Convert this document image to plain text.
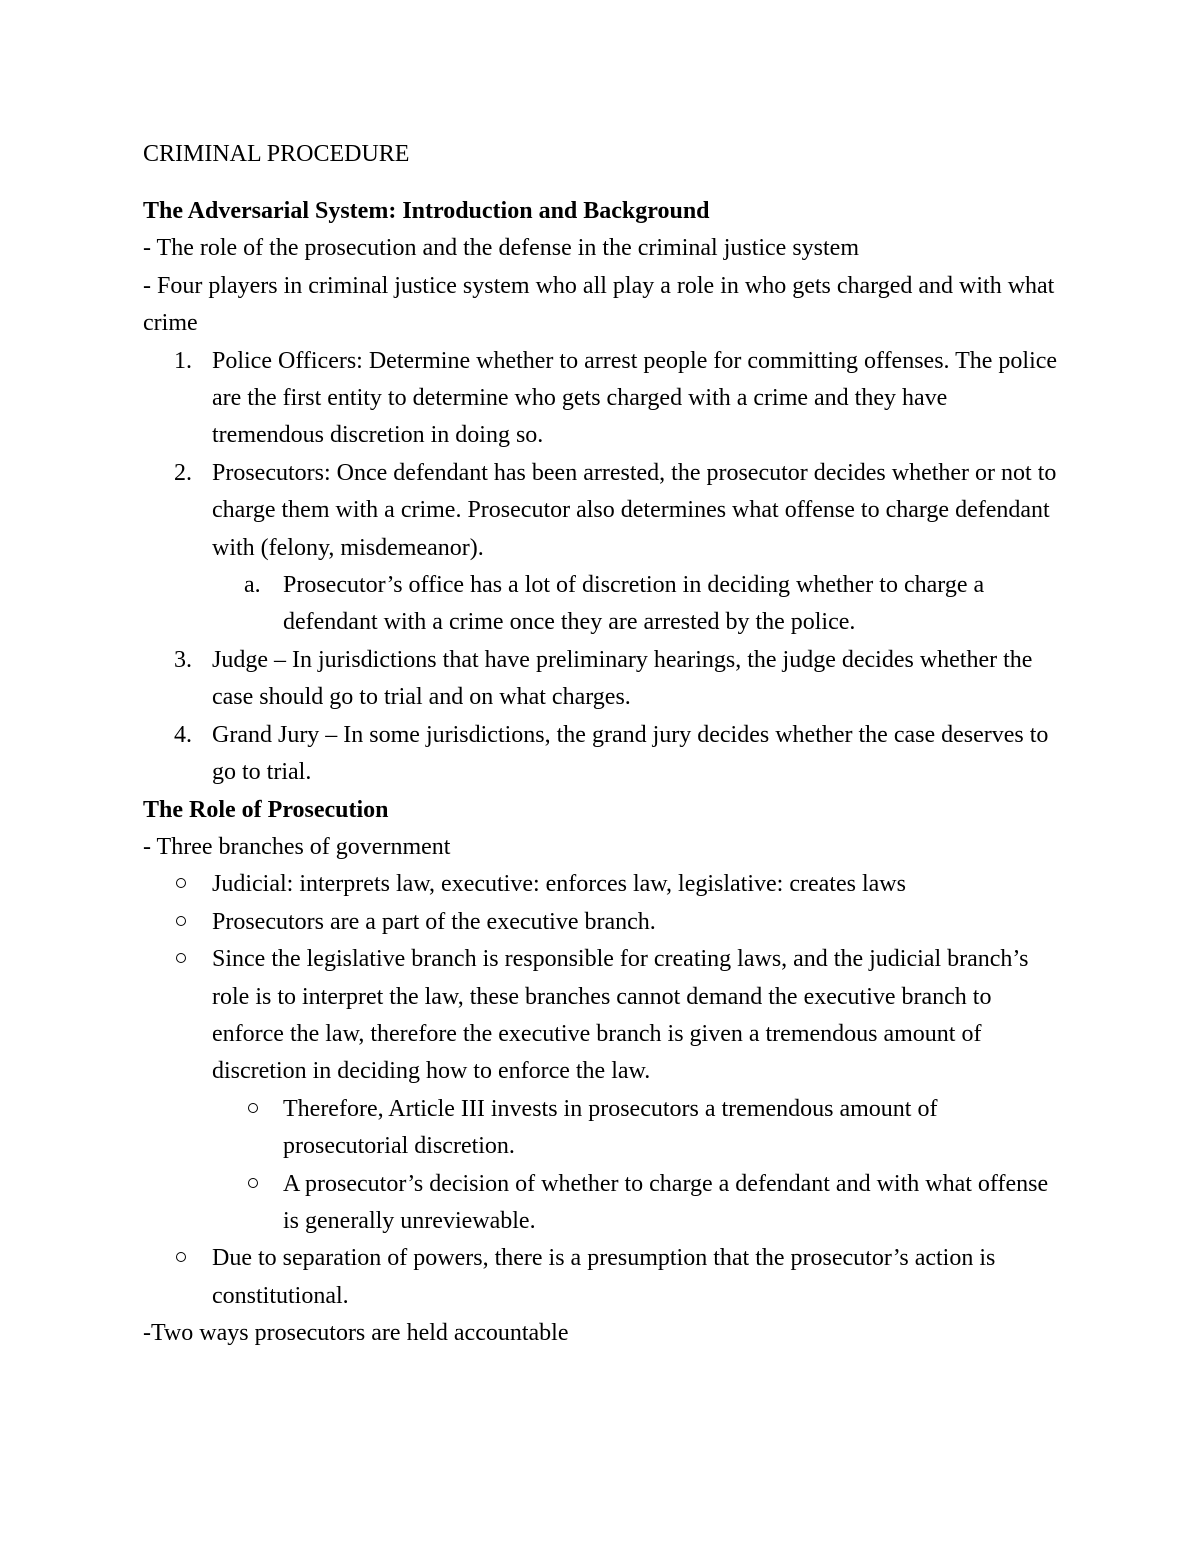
CRIMINAL PROCEDURE

The Adversarial System: Introduction and Background

- The role of the prosecution and the defense in the criminal justice system

- Four players in criminal justice system who all play a role in who gets charged and with what crime

1. Police Officers: Determine whether to arrest people for committing offenses. The police are the first entity to determine who gets charged with a crime and they have tremendous discretion in doing so.
2. Prosecutors: Once defendant has been arrested, the prosecutor decides whether or not to charge them with a crime. Prosecutor also determines what offense to charge defendant with (felony, misdemeanor).
a. Prosecutor’s office has a lot of discretion in deciding whether to charge a defendant with a crime once they are arrested by the police.
3. Judge – In jurisdictions that have preliminary hearings, the judge decides whether the case should go to trial and on what charges.
4. Grand Jury – In some jurisdictions, the grand jury decides whether the case deserves to go to trial.

The Role of Prosecution

- Three branches of government

Judicial: interprets law, executive: enforces law, legislative: creates laws
Prosecutors are a part of the executive branch.
Since the legislative branch is responsible for creating laws, and the judicial branch’s role is to interpret the law, these branches cannot demand the executive branch to enforce the law, therefore the executive branch is given a tremendous amount of discretion in deciding how to enforce the law.
Therefore, Article III invests in prosecutors a tremendous amount of prosecutorial discretion.
A prosecutor’s decision of whether to charge a defendant and with what offense is generally unreviewable.
Due to separation of powers, there is a presumption that the prosecutor’s action is constitutional.

-Two ways prosecutors are held accountable
